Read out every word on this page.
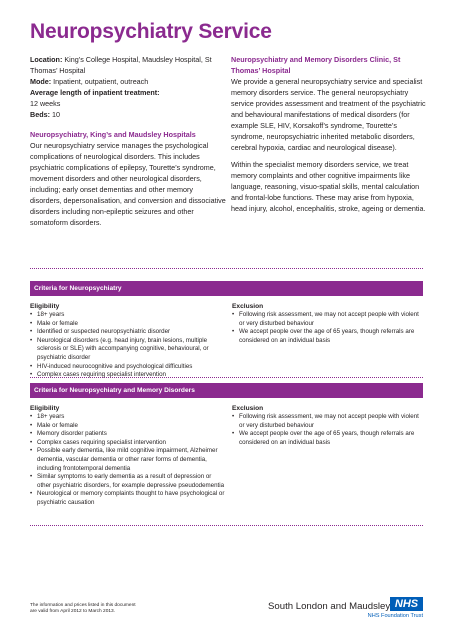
Neuropsychiatry Service
Location: King’s College Hospital, Maudsley Hospital, St Thomas’ Hospital
Mode: Inpatient, outpatient, outreach
Average length of inpatient treatment:
12 weeks
Beds: 10
Neuropsychiatry, King’s and Maudsley Hospitals

Our neuropsychiatry service manages the psychological complications of neurological disorders. This includes psychiatric complications of epilepsy, Tourette’s syndrome, movement disorders and other neurological disorders, including; early onset dementias and other memory disorders, depersonalisation, and conversion and dissociative disorders including non-epileptic seizures and other somatoform disorders.

Neuropsychiatry and Memory Disorders Clinic, St Thomas’ Hospital

We provide a general neuropsychiatry service and specialist memory disorders service. The general neuropsychiatry service provides assessment and treatment of the psychiatric and behavioural manifestations of medical disorders (for example SLE, HIV, Korsakoff’s syndrome, Tourette’s syndrome, neuropsychiatric inherited metabolic disorders, cerebral hypoxia, cardiac and neurological disease).

Within the specialist memory disorders service, we treat memory complaints and other cognitive impairments like language, reasoning, visuo-spatial skills, mental calculation and frontal-lobe functions. These may arise from hypoxia, head injury, alcohol, encephalitis, stroke, ageing or dementia.

Criteria for Neuropsychiatry
Eligibility
• 18+ years
• Male or female
• Identified or suspected neuropsychiatric disorder
• Neurological disorders (e.g. head injury, brain lesions, multiple sclerosis or SLE) with accompanying cognitive, behavioural, or psychiatric disorder
• HIV-induced neurocognitive and psychological difficulties
• Complex cases requiring specialist intervention
Exclusion
• Following risk assessment, we may not accept people with violent or very disturbed behaviour
• We accept people over the age of 65 years, though referrals are considered on an individual basis
Criteria for Neuropsychiatry and Memory Disorders
Eligibility
• 18+ years
• Male or female
• Memory disorder patients
• Complex cases requiring specialist intervention
• Possible early dementia, like mild cognitive impairment, Alzheimer dementia, vascular dementia or other rarer forms of dementia, including frontotemporal dementia
• Similar symptoms to early dementia as a result of depression or other psychiatric disorders, for example depressive pseudodementia
• Neurological or memory complaints thought to have psychological or psychiatric causation
Exclusion
• Following risk assessment, we may not accept people with violent or very disturbed behaviour
• We accept people over the age of 65 years, though referrals are considered on an individual basis
The information and prices listed in this document
are valid from April 2012 to March 2013.	South London and Maudsley NHS
NHS Foundation Trust
